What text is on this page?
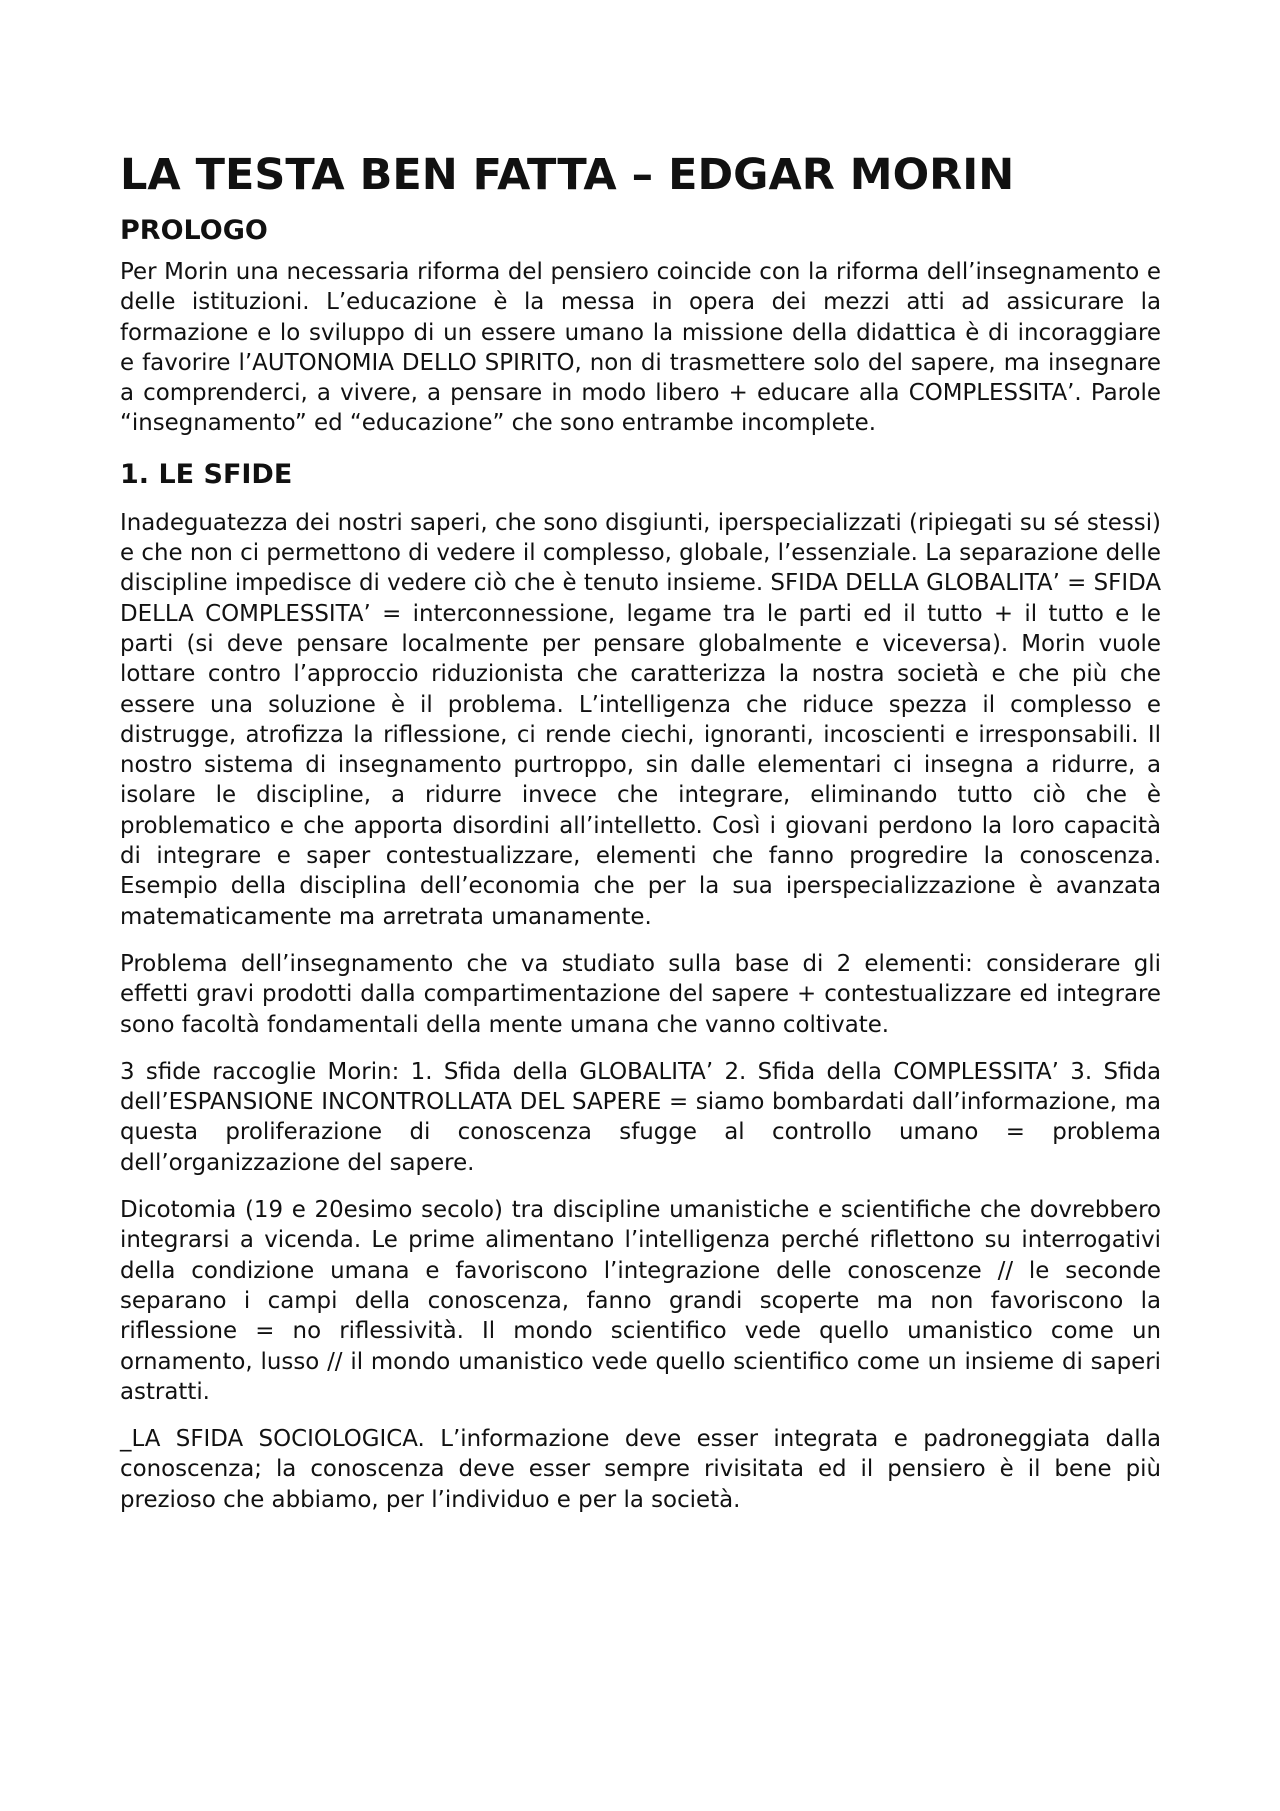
LA TESTA BEN FATTA – EDGAR MORIN
PROLOGO

Per Morin una necessaria riforma del pensiero coincide con la riforma dell’insegnamento e delle istituzioni. L’educazione è la messa in opera dei mezzi atti ad assicurare la formazione e lo sviluppo di un essere umano la missione della didattica è di incoraggiare e favorire l’AUTONOMIA DELLO SPIRITO, non di trasmettere solo del sapere, ma insegnare a comprenderci, a vivere, a pensare in modo libero + educare alla COMPLESSITA’. Parole “insegnamento” ed “educazione” che sono entrambe incomplete.

1. LE SFIDE

Inadeguatezza dei nostri saperi, che sono disgiunti, iperspecializzati (ripiegati su sé stessi) e che non ci permettono di vedere il complesso, globale, l’essenziale. La separazione delle discipline impedisce di vedere ciò che è tenuto insieme. SFIDA DELLA GLOBALITA’ = SFIDA DELLA COMPLESSITA’ = interconnessione, legame tra le parti ed il tutto + il tutto e le parti (si deve pensare localmente per pensare globalmente e viceversa). Morin vuole lottare contro l’approccio riduzionista che caratterizza la nostra società e che più che essere una soluzione è il problema. L’intelligenza che riduce spezza il complesso e distrugge, atrofizza la riflessione, ci rende ciechi, ignoranti, incoscienti e irresponsabili. Il nostro sistema di insegnamento purtroppo, sin dalle elementari ci insegna a ridurre, a isolare le discipline, a ridurre invece che integrare, eliminando tutto ciò che è problematico e che apporta disordini all’intelletto. Così i giovani perdono la loro capacità di integrare e saper contestualizzare, elementi che fanno progredire la conoscenza. Esempio della disciplina dell’economia che per la sua iperspecializzazione è avanzata matematicamente ma arretrata umanamente.

Problema dell’insegnamento che va studiato sulla base di 2 elementi: considerare gli effetti gravi prodotti dalla compartimentazione del sapere + contestualizzare ed integrare sono facoltà fondamentali della mente umana che vanno coltivate.

3 sfide raccoglie Morin: 1. Sfida della GLOBALITA’ 2. Sfida della COMPLESSITA’ 3. Sfida dell’ESPANSIONE INCONTROLLATA DEL SAPERE = siamo bombardati dall’informazione, ma questa proliferazione di conoscenza sfugge al controllo umano = problema dell’organizzazione del sapere.

Dicotomia (19 e 20esimo secolo) tra discipline umanistiche e scientifiche che dovrebbero integrarsi a vicenda. Le prime alimentano l’intelligenza perché riflettono su interrogativi della condizione umana e favoriscono l’integrazione delle conoscenze // le seconde separano i campi della conoscenza, fanno grandi scoperte ma non favoriscono la riflessione = no riflessività. Il mondo scientifico vede quello umanistico come un ornamento, lusso // il mondo umanistico vede quello scientifico come un insieme di saperi astratti.

_LA SFIDA SOCIOLOGICA. L’informazione deve esser integrata e padroneggiata dalla conoscenza; la conoscenza deve esser sempre rivisitata ed il pensiero è il bene più prezioso che abbiamo, per l’individuo e per la società.
